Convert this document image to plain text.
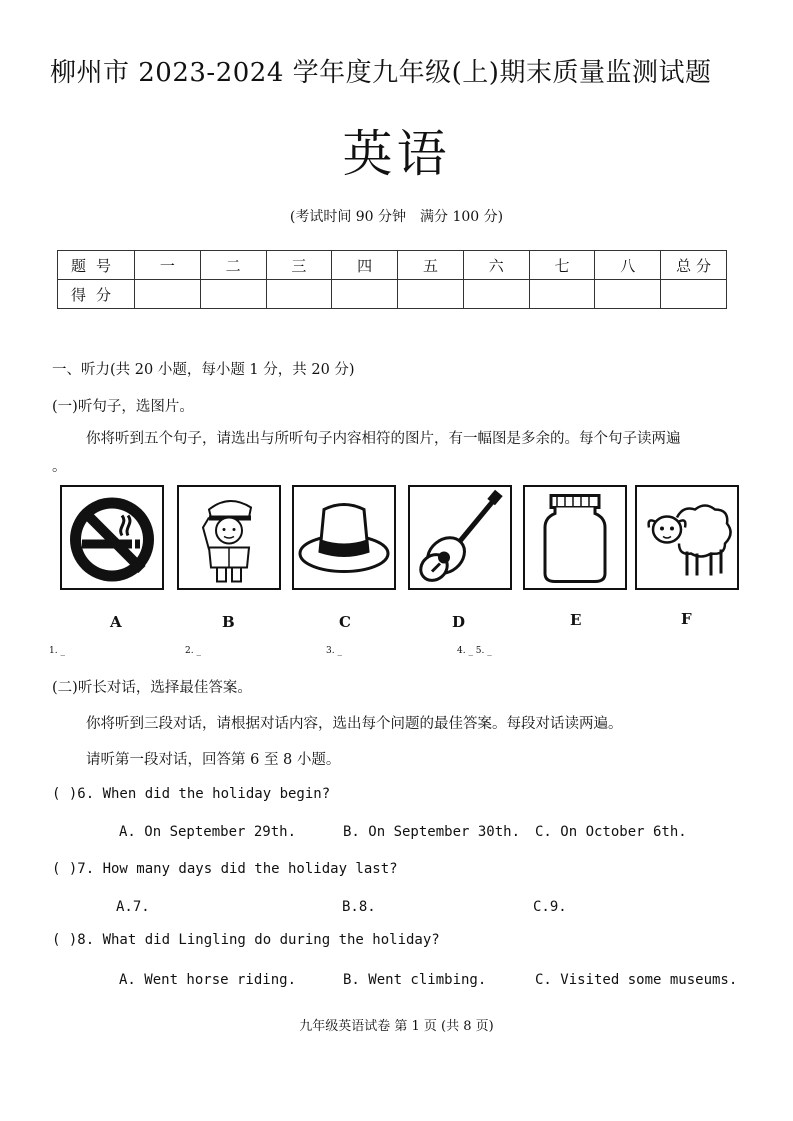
柳州市 2023-2024 学年度九年级(上)期末质量监测试题
英语
(考试时间 90 分钟　满分 100 分)
题号	一	二	三	四	五	六	七	八	总 分
得分									
一、听力(共 20 小题，每小题 1 分，共 20 分)
(一)听句子，选图片。
你将听到五个句子，请选出与所听句子内容相符的图片，有一幅图是多余的。每个句子读两遍
。
A	B	C	D	E	F
1. _	2. _	3. _	4. _ 5. _
(二)听长对话，选择最佳答案。
你将听到三段对话，请根据对话内容，选出每个问题的最佳答案。每段对话读两遍。
请听第一段对话，回答第 6 至 8 小题。
( )6. When did the holiday begin?
A. On September 29th.	B. On September 30th. C. On October 6th.
( )7. How many days did the holiday last?
A.7.	B.8.	C.9.
( )8. What did Lingling do during the holiday?
A. Went horse riding.	B. Went climbing.	C. Visited some museums.
九年级英语试卷 第 1 页 (共 8 页)
